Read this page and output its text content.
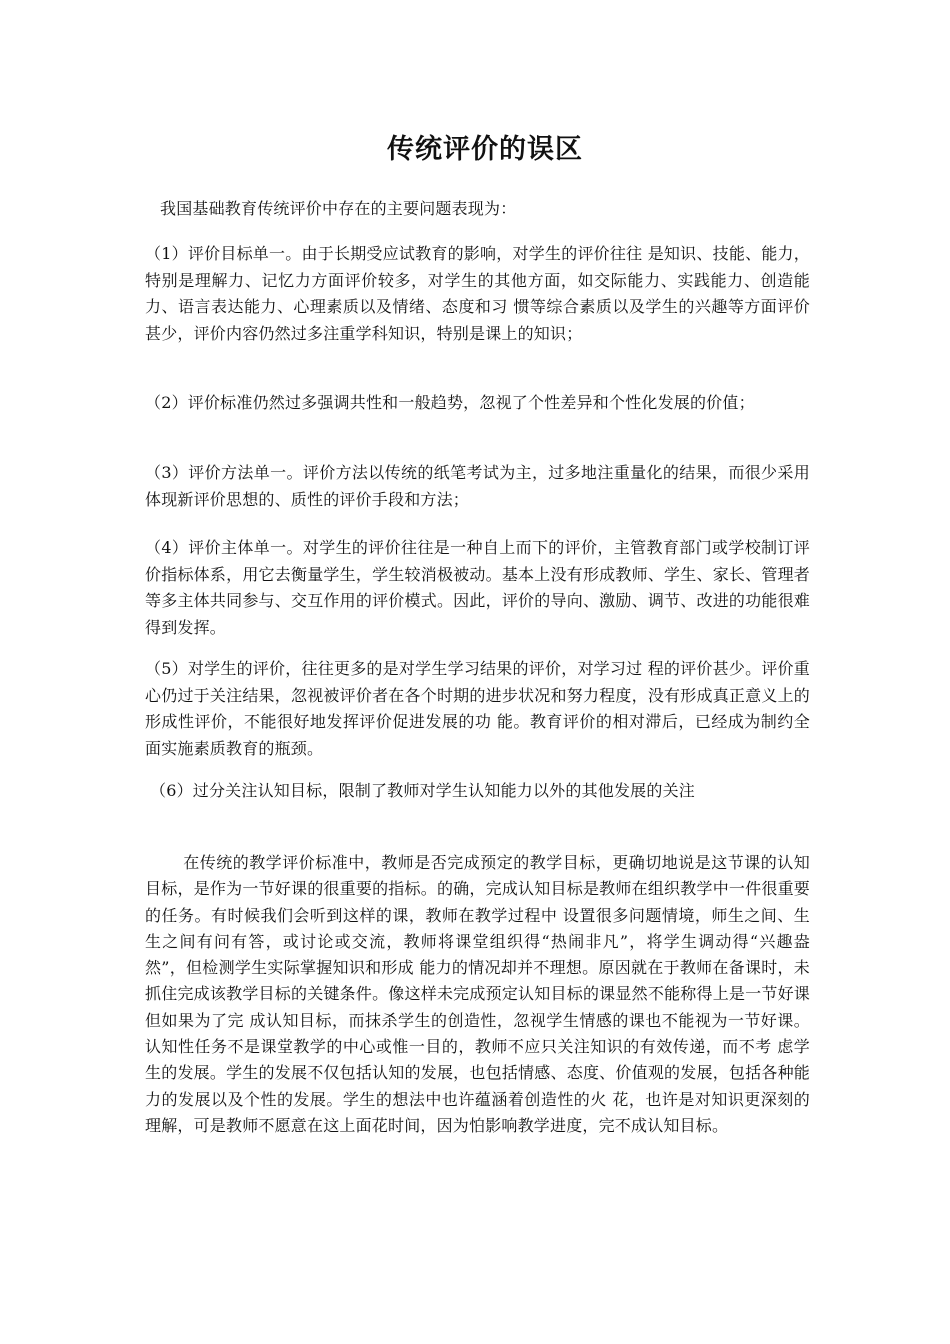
传统评价的误区

我国基础教育传统评价中存在的主要问题表现为：

（1）评价目标单一。由于长期受应试教育的影响，对学生的评价往往 是知识、技能、能力，特别是理解力、记忆力方面评价较多，对学生的其他方面，如交际能力、实践能力、创造能力、语言表达能力、心理素质以及情绪、态度和习 惯等综合素质以及学生的兴趣等方面评价甚少，评价内容仍然过多注重学科知识，特别是课上的知识；

（2）评价标准仍然过多强调共性和一般趋势，忽视了个性差异和个性化发展的价值；

（3）评价方法单一。评价方法以传统的纸笔考试为主，过多地注重量化的结果，而很少采用体现新评价思想的、质性的评价手段和方法；

（4）评价主体单一。对学生的评价往往是一种自上而下的评价，主管教育部门或学校制订评价指标体系，用它去衡量学生，学生较消极被动。基本上没有形成教师、学生、家长、管理者等多主体共同参与、交互作用的评价模式。因此，评价的导向、激励、调节、改进的功能很难得到发挥。

（5）对学生的评价，往往更多的是对学生学习结果的评价，对学习过 程的评价甚少。评价重心仍过于关注结果，忽视被评价者在各个时期的进步状况和努力程度，没有形成真正意义上的形成性评价，不能很好地发挥评价促进发展的功 能。教育评价的相对滞后，已经成为制约全面实施素质教育的瓶颈。

（6）过分关注认知目标，限制了教师对学生认知能力以外的其他发展的关注

在传统的教学评价标准中，教师是否完成预定的教学目标，更确切地说是这节课的认知目标，是作为一节好课的很重要的指标。的确，完成认知目标是教师在组织教学中一件很重要的任务。有时候我们会听到这样的课，教师在教学过程中 设置很多问题情境，师生之间、生生之间有问有答，或讨论或交流，教师将课堂组织得“热闹非凡”，将学生调动得“兴趣盎然”，但检测学生实际掌握知识和形成 能力的情况却并不理想。原因就在于教师在备课时，未抓住完成该教学目标的关键条件。像这样未完成预定认知目标的课显然不能称得上是一节好课但如果为了完 成认知目标，而抹杀学生的创造性，忽视学生情感的课也不能视为一节好课。认知性任务不是课堂教学的中心或惟一目的，教师不应只关注知识的有效传递，而不考 虑学生的发展。学生的发展不仅包括认知的发展，也包括情感、态度、价值观的发展，包括各种能力的发展以及个性的发展。学生的想法中也许蕴涵着创造性的火 花，也许是对知识更深刻的理解，可是教师不愿意在这上面花时间，因为怕影响教学进度，完不成认知目标。
